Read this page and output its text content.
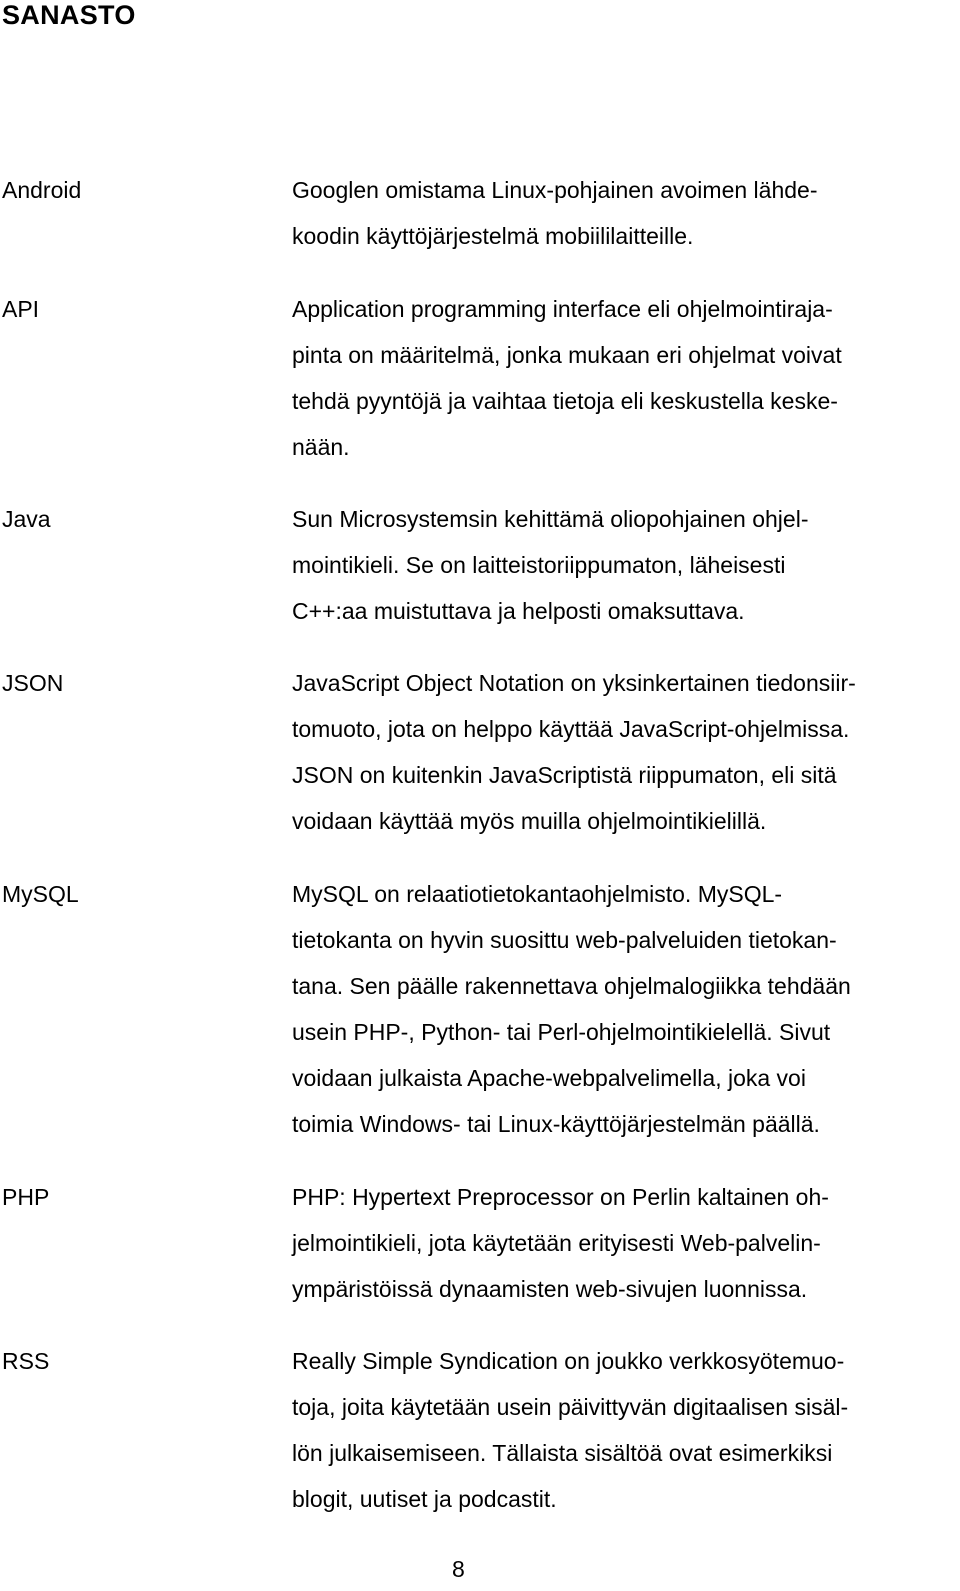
SANASTO
Android	Googlen omistama Linux-pohjainen avoimen lähde-
koodin käyttöjärjestelmä mobiililaitteille.
API	Application programming interface eli ohjelmointiraja-
pinta on määritelmä, jonka mukaan eri ohjelmat voivat
tehdä pyyntöjä ja vaihtaa tietoja eli keskustella keske-
nään.
Java	Sun Microsystemsin kehittämä oliopohjainen ohjel-
mointikieli. Se on laitteistoriippumaton, läheisesti
C++:aa muistuttava ja helposti omaksuttava.
JSON	JavaScript Object Notation on yksinkertainen tiedonsiir-
tomuoto, jota on helppo käyttää JavaScript-ohjelmissa.
JSON on kuitenkin JavaScriptistä riippumaton, eli sitä
voidaan käyttää myös muilla ohjelmointikielillä.
MySQL	MySQL on relaatiotietokantaohjelmisto. MySQL-
tietokanta on hyvin suosittu web-palveluiden tietokan-
tana. Sen päälle rakennettava ohjelmalogiikka tehdään
usein PHP-, Python- tai Perl-ohjelmointikielellä. Sivut
voidaan julkaista Apache-webpalvelimella, joka voi
toimia Windows- tai Linux-käyttöjärjestelmän päällä.
PHP	PHP: Hypertext Preprocessor on Perlin kaltainen oh-
jelmointikieli, jota käytetään erityisesti Web-palvelin-
ympäristöissä dynaamisten web-sivujen luonnissa.
RSS	Really Simple Syndication on joukko verkkosyötemuo-
toja, joita käytetään usein päivittyvän digitaalisen sisäl-
lön julkaisemiseen. Tällaista sisältöä ovat esimerkiksi
blogit, uutiset ja podcastit.
8
